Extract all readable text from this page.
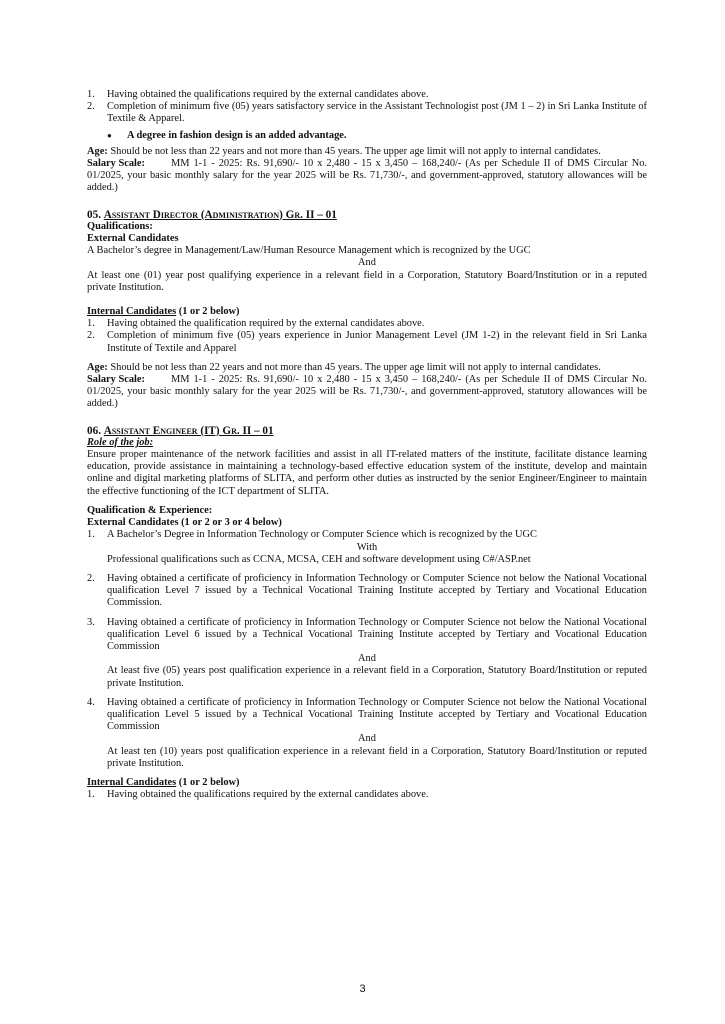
1.	Having obtained the qualifications required by the external candidates above.
2.	Completion of minimum five (05) years satisfactory service in the Assistant Technologist post (JM 1 – 2) in Sri Lanka Institute of Textile & Apparel.
●	A degree in fashion design is an added advantage.

Age: Should be not less than 22 years and not more than 45 years. The upper age limit will not apply to internal candidates.

Salary Scale: MM 1-1 - 2025: Rs. 91,690/- 10 x 2,480 - 15 x 3,450 – 168,240/- (As per Schedule II of DMS Circular No. 01/2025, your basic monthly salary for the year 2025 will be Rs. 71,730/-, and government-approved, statutory allowances will be added.)

05. Assistant Director (Administration) Gr. II – 01

Qualifications:

External Candidates

A Bachelor’s degree in Management/Law/Human Resource Management which is recognized by the UGC

And

At least one (01) year post qualifying experience in a relevant field in a Corporation, Statutory Board/Institution or in a reputed private Institution.

Internal Candidates (1 or 2 below)

1.	Having obtained the qualification required by the external candidates above.
2.	Completion of minimum five (05) years experience in Junior Management Level (JM 1-2) in the relevant field in Sri Lanka Institute of Textile and Apparel

Age: Should be not less than 22 years and not more than 45 years. The upper age limit will not apply to internal candidates.

Salary Scale: MM 1-1 - 2025: Rs. 91,690/- 10 x 2,480 - 15 x 3,450 – 168,240/- (As per Schedule II of DMS Circular No. 01/2025, your basic monthly salary for the year 2025 will be Rs. 71,730/-, and government-approved, statutory allowances will be added.)

06. Assistant Engineer (IT) Gr. II – 01

Role of the job:

Ensure proper maintenance of the network facilities and assist in all IT-related matters of the institute, facilitate distance learning education, provide assistance in maintaining a technology-based effective education system of the institute, develop and maintain online and digital marketing platforms of SLITA, and perform other duties as instructed by the senior Engineer/Engineer to maintain the effective functioning of the ICT department of SLITA.

Qualification & Experience:

External Candidates (1 or 2 or 3 or 4 below)

1.	A Bachelor’s Degree in Information Technology or Computer Science which is recognized by the UGC

With

Professional qualifications such as CCNA, MCSA, CEH and software development using C#/ASP.net

2.	Having obtained a certificate of proficiency in Information Technology or Computer Science not below the National Vocational qualification Level 7 issued by a Technical Vocational Training Institute accepted by Tertiary and Vocational Education Commission.
3.	Having obtained a certificate of proficiency in Information Technology or Computer Science not below the National Vocational qualification Level 6 issued by a Technical Vocational Training Institute accepted by Tertiary and Vocational Education Commission

And

At least five (05) years post qualification experience in a relevant field in a Corporation, Statutory Board/Institution or reputed private Institution.

4.	Having obtained a certificate of proficiency in Information Technology or Computer Science not below the National Vocational qualification Level 5 issued by a Technical Vocational Training Institute accepted by Tertiary and Vocational Education Commission

And

At least ten (10) years post qualification experience in a relevant field in a Corporation, Statutory Board/Institution or reputed private Institution.

Internal Candidates (1 or 2 below)

1.	Having obtained the qualifications required by the external candidates above.
3
